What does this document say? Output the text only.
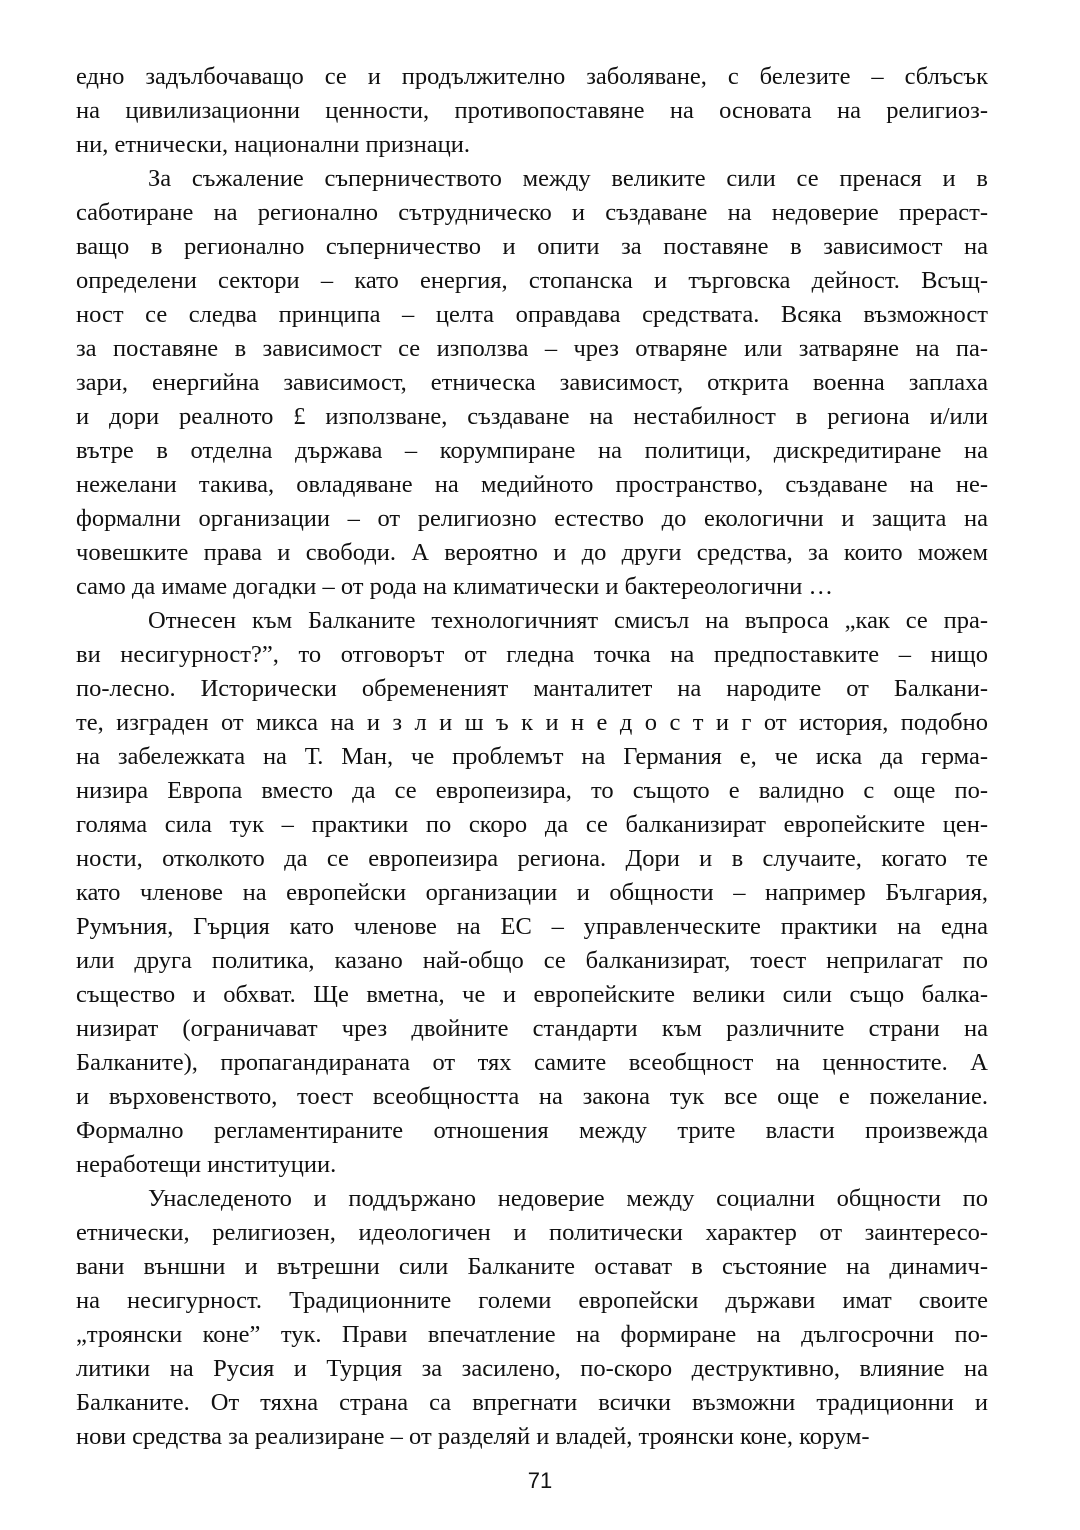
едно задълбочаващо се и продължително заболяване, с белезите – сблъсък
на цивилизационни ценности, противопоставяне на основата на религиоз-
ни, етнически, национални признаци.
За съжаление съперничеството между великите сили се пренася и в
саботиране на регионално сътрудническо и създаване на недоверие прераст-
ващо в регионално съперничество и опити за поставяне в зависимост на
определени сектори – като енергия, стопанска и търговска дейност. Всъщ-
ност се следва принципа – целта оправдава средствата. Всяка възможност
за поставяне в зависимост се използва – чрез отваряне или затваряне на па-
зари, енергийна зависимост, етническа зависимост, открита военна заплаха
и дори реалното £ използване, създаване на нестабилност в региона и/или
вътре в отделна държава – корумпиране на политици, дискредитиране на
нежелани такива, овладяване на медийното пространство, създаване на не-
формални организации – от религиозно естество до екологични и защита на
човешките права и свободи. А вероятно и до други средства, за които можем
само да имаме догадки – от рода на климатически и бактереологични …
Отнесен към Балканите технологичният смисъл на въпроса „как се пра-
ви несигурност?”, то отговорът от гледна точка на предпоставките – нищо
по-лесно. Исторически обремененият манталитет на народите от Балкани-
те, изграден от микса на и з л и ш ъ к и н е д о с т и г от история, подобно
на забележката на Т. Ман, че проблемът на Германия е, че иска да герма-
низира Европа вместо да се европеизира, то същото е валидно с още по-
голяма сила тук – практики по скоро да се балканизират европейските цен-
ности, отколкото да се европеизира региона. Дори и в случаите, когато те
като членове на европейски организации и общности – например България,
Румъния, Гърция като членове на ЕС – управленческите практики на една
или друга политика, казано най-общо се балканизират, тоест неприлагат по
същество и обхват. Ще вметна, че и европейските велики сили също балка-
низират (ограничават чрез двойните стандарти към различните страни на
Балканите), пропагандираната от тях самите всеобщност на ценностите. А
и върховенството, тоест всеобщността на закона тук все още е пожелание.
Формално регламентираните отношения между трите власти произвежда
неработещи институции.
Унаследеното и поддържано недоверие между социални общности по
етнически, религиозен, идеологичен и политически характер от заинтересо-
вани външни и вътрешни сили Балканите остават в състояние на динамич-
на несигурност. Традиционните големи европейски държави имат своите
„троянски коне” тук. Прави впечатление на формиране на дългосрочни по-
литики на Русия и Турция за засилено, по-скоро деструктивно, влияние на
Балканите. От тяхна страна са впрегнати всички възможни традиционни и
нови средства за реализиране – от разделяй и владей, троянски коне, корум-
71
